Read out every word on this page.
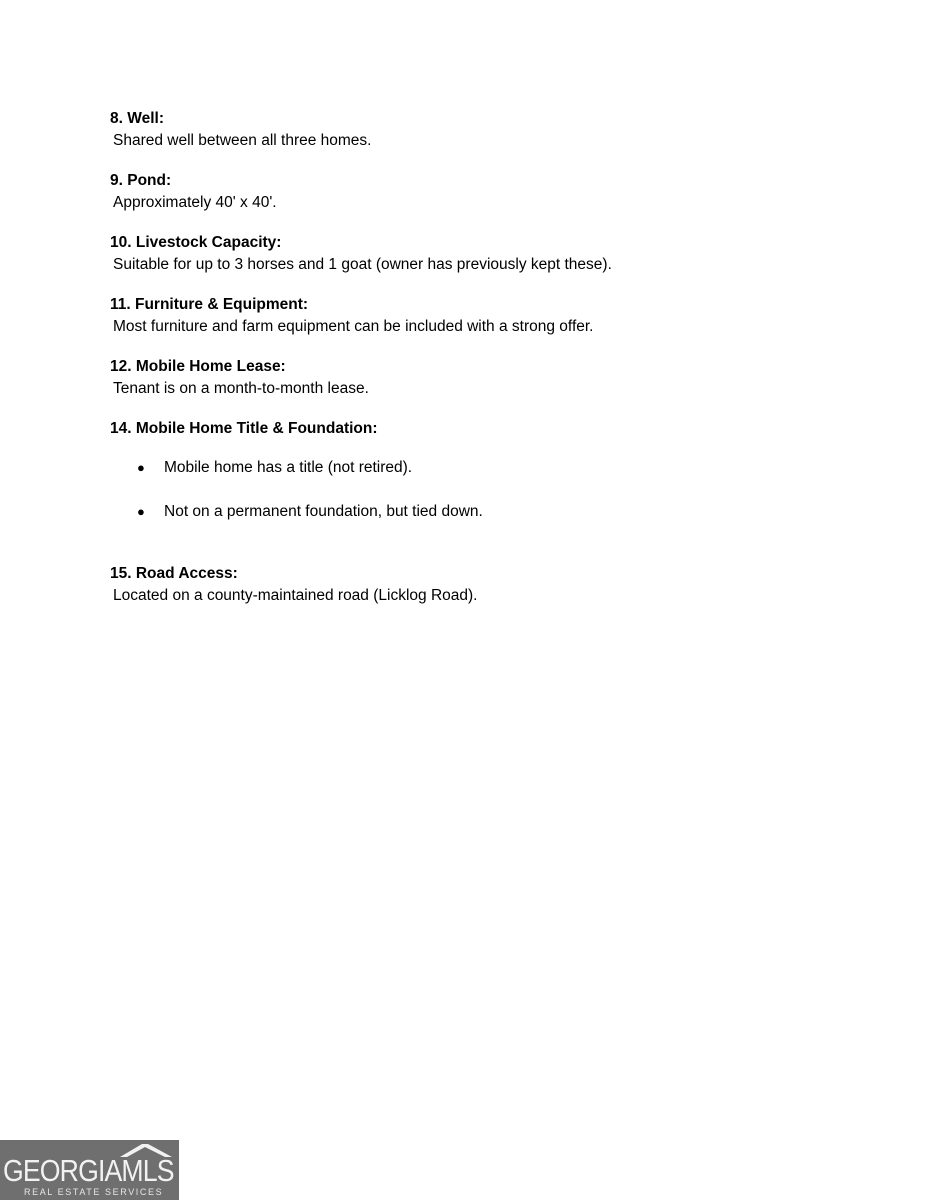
8. Well:
Shared well between all three homes.
9. Pond:
Approximately 40' x 40'.
10. Livestock Capacity:
Suitable for up to 3 horses and 1 goat (owner has previously kept these).
11. Furniture & Equipment:
Most furniture and farm equipment can be included with a strong offer.
12. Mobile Home Lease:
Tenant is on a month-to-month lease.
14. Mobile Home Title & Foundation:
● Mobile home has a title (not retired).
● Not on a permanent foundation, but tied down.
15. Road Access:
Located on a county-maintained road (Licklog Road).
GEORGIAMLS
REAL ESTATE SERVICES
